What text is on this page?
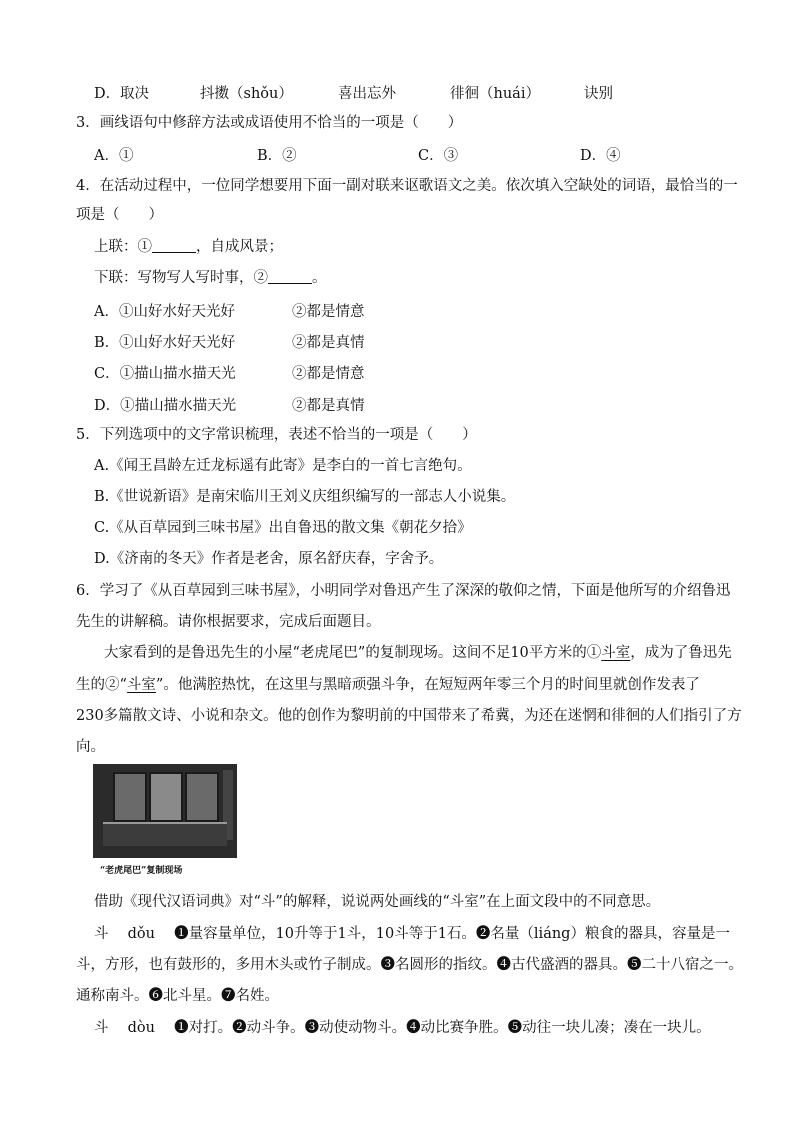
D． 取决	抖擞（shǒu）	喜出忘外	徘徊（huái）	诀别
3．画线语句中修辞方法或成语使用不恰当的一项是（　　）
A．①	B．②	C．③	D．④
4．在活动过程中，一位同学想要用下面一副对联来讴歌语文之美。依次填入空缺处的词语，最恰当的一
项是（　　）
上联：①	，自成风景；
下联：写物写人写时事，②	。
A．①山好水好天光好	②都是情意
B．①山好水好天光好	②都是真情
C．①描山描水描天光	②都是情意
D．①描山描水描天光	②都是真情
5．下列选项中的文字常识梳理，表述不恰当的一项是（　　）
A.《闻王昌龄左迁龙标遥有此寄》是李白的一首七言绝句。
B.《世说新语》是南宋临川王刘义庆组织编写的一部志人小说集。
C.《从百草园到三味书屋》出自鲁迅的散文集《朝花夕拾》
D.《济南的冬天》作者是老舍，原名舒庆春，字舍予。
6．学习了《从百草园到三味书屋》，小明同学对鲁迅产生了深深的敬仰之情，下面是他所写的介绍鲁迅
先生的讲解稿。请你根据要求，完成后面题目。
大家看到的是鲁迅先生的小屋“老虎尾巴”的复制现场。这间不足10平方米的①斗室，成为了鲁迅先
生的②“斗室”。他满腔热忱，在这里与黑暗顽强斗争，在短短两年零三个月的时间里就创作发表了
230多篇散文诗、小说和杂文。他的创作为黎明前的中国带来了希冀，为还在迷惘和徘徊的人们指引了方
向。
“老虎尾巴”复制现场
借助《现代汉语词典》对“斗”的解释，说说两处画线的“斗室”在上面文段中的不同意思。
斗　 dǒu　 ❶量容量单位，10升等于1斗，10斗等于1石。❷名量（liáng）粮食的器具，容量是一
斗，方形，也有鼓形的，多用木头或竹子制成。❸名圆形的指纹。❹古代盛酒的器具。❺二十八宿之一。
通称南斗。❻北斗星。❼名姓。
斗　 dòu　 ❶对打。❷动斗争。❸动使动物斗。❹动比赛争胜。❺动往一块儿凑；凑在一块儿。
